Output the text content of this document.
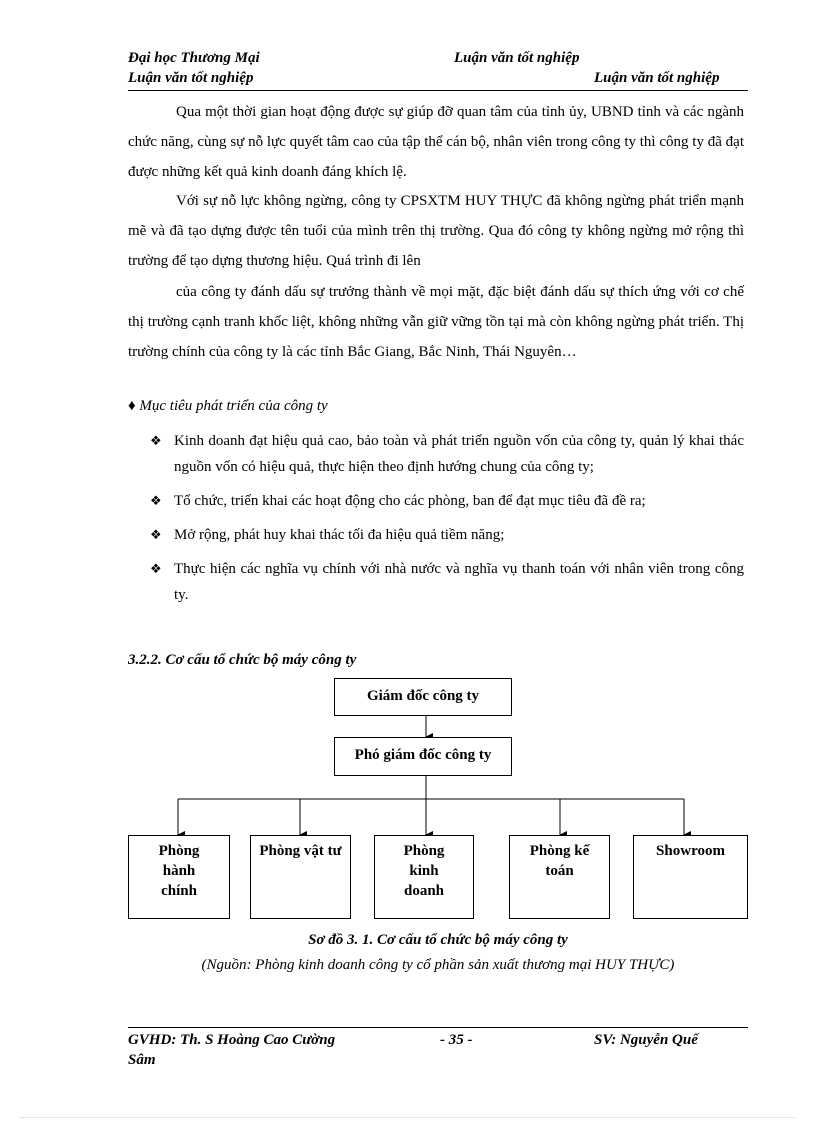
Đại học Thương Mại	Luận văn tốt nghiệp
Luận văn tốt nghiệp	Luận văn tốt nghiệp

Qua một thời gian hoạt động được sự giúp đỡ quan tâm của tỉnh ủy, UBND tỉnh và các ngành chức năng, cùng sự nỗ lực quyết tâm cao của tập thể cán bộ, nhân viên trong công ty thì công ty đã đạt được những kết quả kinh doanh đáng khích lệ.

Với sự nỗ lực không ngừng, công ty CPSXTM HUY THỰC đã không ngừng phát triển mạnh mẽ và đã tạo dựng được tên tuổi của mình trên thị trường. Qua đó công ty không ngừng mở rộng thì trường để tạo dựng thương hiệu. Quá trình đi lên

của công ty đánh dấu sự trưởng thành về mọi mặt, đặc biệt đánh dấu sự thích ứng với cơ chế thị trường cạnh tranh khốc liệt, không những vẫn giữ vững tồn tại mà còn không ngừng phát triển. Thị trường chính của công ty là các tỉnh Bắc Giang, Bắc Ninh, Thái Nguyên…

♦ Mục tiêu phát triển của công ty
❖ Kinh doanh đạt hiệu quả cao, bảo toàn và phát triển nguồn vốn của công ty, quản lý khai thác nguồn vốn có hiệu quả, thực hiện theo định hướng chung của công ty;
❖ Tổ chức, triển khai các hoạt động cho các phòng, ban để đạt mục tiêu đã đề ra;
❖ Mở rộng, phát huy khai thác tối đa hiệu quả tiềm năng;
❖ Thực hiện các nghĩa vụ chính với nhà nước và nghĩa vụ thanh toán với nhân viên trong công ty.
3.2.2. Cơ cấu tổ chức bộ máy công ty
Giám đốc công ty
Phó giám đốc công ty
Phòng hành chính
Phòng vật tư	Phòng kinh doanh
Phòng kế toán
Showroom
Sơ đồ 3. 1. Cơ cấu tổ chức bộ máy công ty
(Nguồn: Phòng kinh doanh công ty cổ phần sản xuất thương mại HUY THỰC)
GVHD: Th. S Hoàng Cao Cường	- 35 -	SV: Nguyễn Quế
Sâm
